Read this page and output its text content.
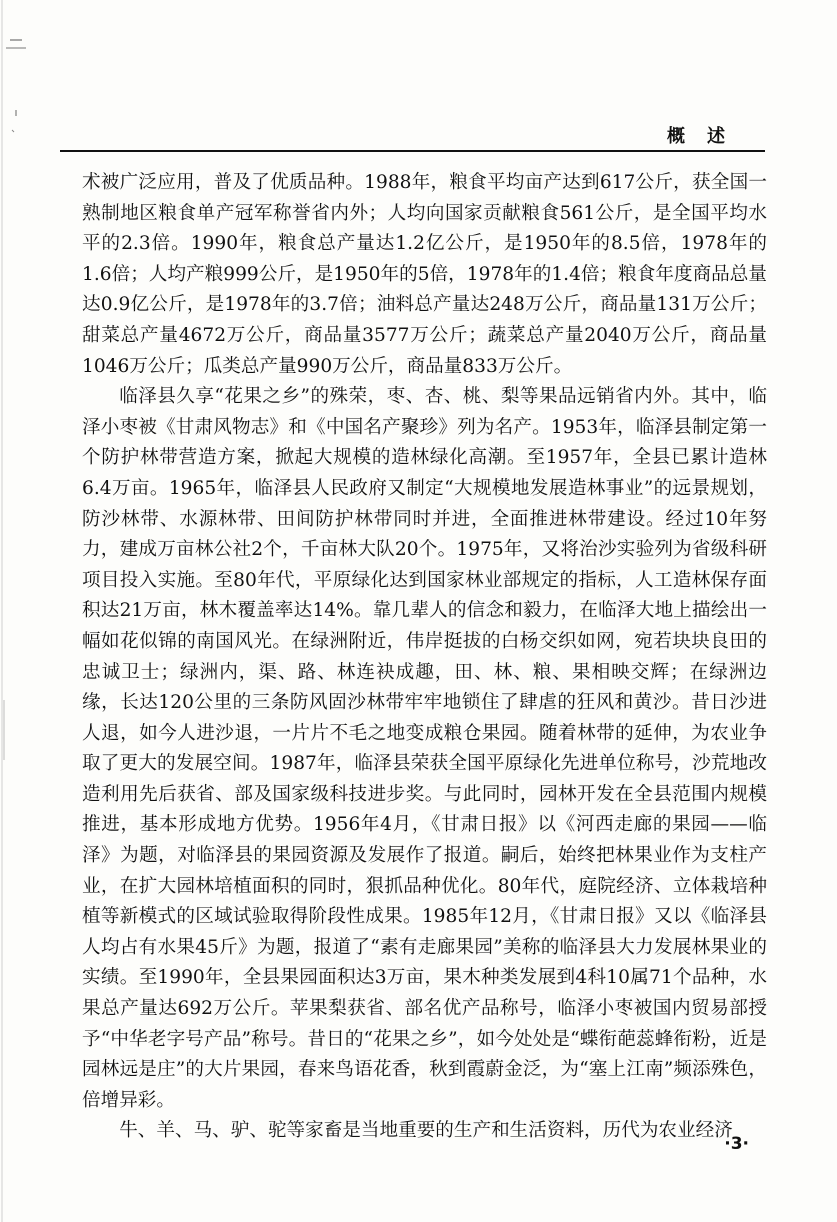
概述

术被广泛应用，普及了优质品种。1988年，粮食平均亩产达到617公斤，获全国一熟制地区粮食单产冠军称誉省内外；人均向国家贡献粮食561公斤，是全国平均水平的2.3倍。1990年，粮食总产量达1.2亿公斤，是1950年的8.5倍，1978年的1.6倍；人均产粮999公斤，是1950年的5倍，1978年的1.4倍；粮食年度商品总量达0.9亿公斤，是1978年的3.7倍；油料总产量达248万公斤，商品量131万公斤；甜菜总产量4672万公斤，商品量3577万公斤；蔬菜总产量2040万公斤，商品量1046万公斤；瓜类总产量990万公斤，商品量833万公斤。

临泽县久享“花果之乡”的殊荣，枣、杏、桃、梨等果品远销省内外。其中，临泽小枣被《甘肃风物志》和《中国名产聚珍》列为名产。1953年，临泽县制定第一个防护林带营造方案，掀起大规模的造林绿化高潮。至1957年，全县已累计造林6.4万亩。1965年，临泽县人民政府又制定“大规模地发展造林事业”的远景规划，防沙林带、水源林带、田间防护林带同时并进，全面推进林带建设。经过10年努力，建成万亩林公社2个，千亩林大队20个。1975年，又将治沙实验列为省级科研项目投入实施。至80年代，平原绿化达到国家林业部规定的指标，人工造林保存面积达21万亩，林木覆盖率达14%。靠几辈人的信念和毅力，在临泽大地上描绘出一幅如花似锦的南国风光。在绿洲附近，伟岸挺拔的白杨交织如网，宛若块块良田的忠诚卫士；绿洲内，渠、路、林连袂成趣，田、林、粮、果相映交辉；在绿洲边缘，长达120公里的三条防风固沙林带牢牢地锁住了肆虐的狂风和黄沙。昔日沙进人退，如今人进沙退，一片片不毛之地变成粮仓果园。随着林带的延伸，为农业争取了更大的发展空间。1987年，临泽县荣获全国平原绿化先进单位称号，沙荒地改造利用先后获省、部及国家级科技进步奖。与此同时，园林开发在全县范围内规模推进，基本形成地方优势。1956年4月，《甘肃日报》以《河西走廊的果园——临泽》为题，对临泽县的果园资源及发展作了报道。嗣后，始终把林果业作为支柱产业，在扩大园林培植面积的同时，狠抓品种优化。80年代，庭院经济、立体栽培种植等新模式的区域试验取得阶段性成果。1985年12月，《甘肃日报》又以《临泽县人均占有水果45斤》为题，报道了“素有走廊果园”美称的临泽县大力发展林果业的实绩。至1990年，全县果园面积达3万亩，果木种类发展到4科10属71个品种，水果总产量达692万公斤。苹果梨获省、部名优产品称号，临泽小枣被国内贸易部授予“中华老字号产品”称号。昔日的“花果之乡”，如今处处是“蝶衔葩蕊蜂衔粉，近是园林远是庄”的大片果园，春来鸟语花香，秋到霞蔚金泛，为“塞上江南”频添殊色，倍增异彩。

牛、羊、马、驴、驼等家畜是当地重要的生产和生活资料，历代为农业经济

·3·
